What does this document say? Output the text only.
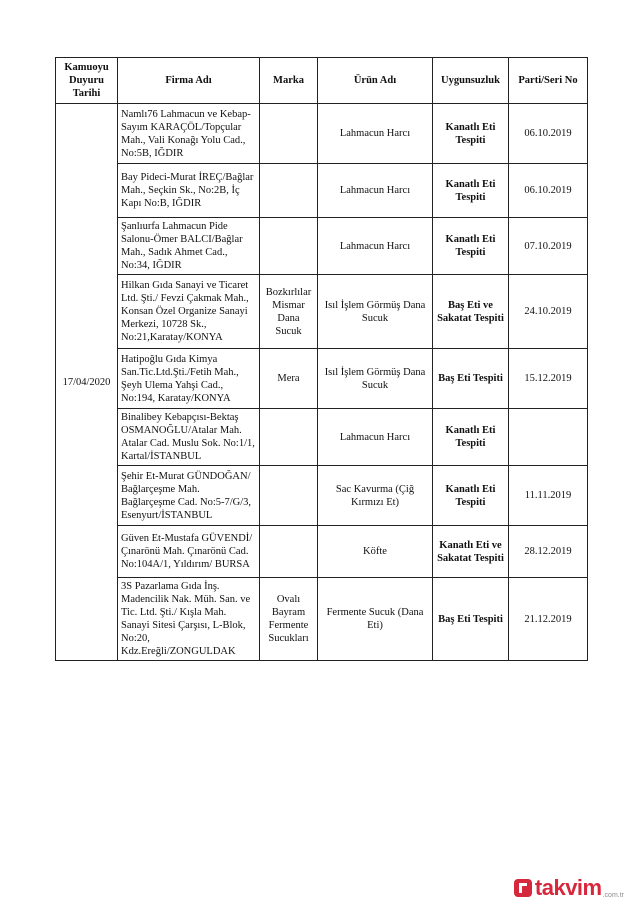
Kamuoyu Duyuru Tarihi	Firma Adı	Marka	Ürün Adı	Uygunsuzluk	Parti/Seri No
17/04/2020	Namlı76 Lahmacun ve Kebap-Sayım KARAÇÖL/Topçular Mah., Vali Konağı Yolu Cad., No:5B, IĞDIR		Lahmacun Harcı	Kanatlı Eti Tespiti	06.10.2019
	Bay Pideci-Murat İREÇ/Bağlar Mah., Seçkin Sk., No:2B, İç Kapı No:B, IĞDIR		Lahmacun Harcı	Kanatlı Eti Tespiti	06.10.2019
	Şanlıurfa Lahmacun Pide Salonu-Ömer BALCI/Bağlar Mah., Sadık Ahmet Cad., No:34, IĞDIR		Lahmacun Harcı	Kanatlı Eti Tespiti	07.10.2019
	Hilkan Gıda Sanayi ve Ticaret Ltd. Şti./ Fevzi Çakmak Mah., Konsan Özel Organize Sanayi Merkezi, 10728 Sk., No:21,Karatay/KONYA	Bozkırlılar Mismar Dana Sucuk	Isıl İşlem Görmüş Dana Sucuk	Baş Eti ve Sakatat Tespiti	24.10.2019
	Hatipoğlu Gıda Kimya San.Tic.Ltd.Şti./Fetih Mah., Şeyh Ulema Yahşi Cad., No:194, Karatay/KONYA	Mera	Isıl İşlem Görmüş Dana Sucuk	Baş Eti Tespiti	15.12.2019
	Binalibey Kebapçısı-Bektaş OSMANOĞLU/Atalar Mah. Atalar Cad. Muslu Sok. No:1/1, Kartal/İSTANBUL		Lahmacun Harcı	Kanatlı Eti Tespiti	
	Şehir Et-Murat GÜNDOĞAN/ Bağlarçeşme Mah. Bağlarçeşme Cad. No:5-7/G/3, Esenyurt/İSTANBUL		Sac Kavurma (Çiğ Kırmızı Et)	Kanatlı Eti Tespiti	11.11.2019
	Güven Et-Mustafa GÜVENDİ/Çınarönü Mah. Çınarönü Cad. No:104A/1, Yıldırım/ BURSA		Köfte	Kanatlı Eti ve Sakatat Tespiti	28.12.2019
	3S Pazarlama Gıda İnş. Madencilik Nak. Müh. San. ve Tic. Ltd. Şti./ Kışla Mah. Sanayi Sitesi Çarşısı, L-Blok, No:20, Kdz.Ereğli/ZONGULDAK	Ovalı Bayram Fermente Sucukları	Fermente Sucuk (Dana Eti)	Baş Eti Tespiti	21.12.2019
takvim .com.tr
